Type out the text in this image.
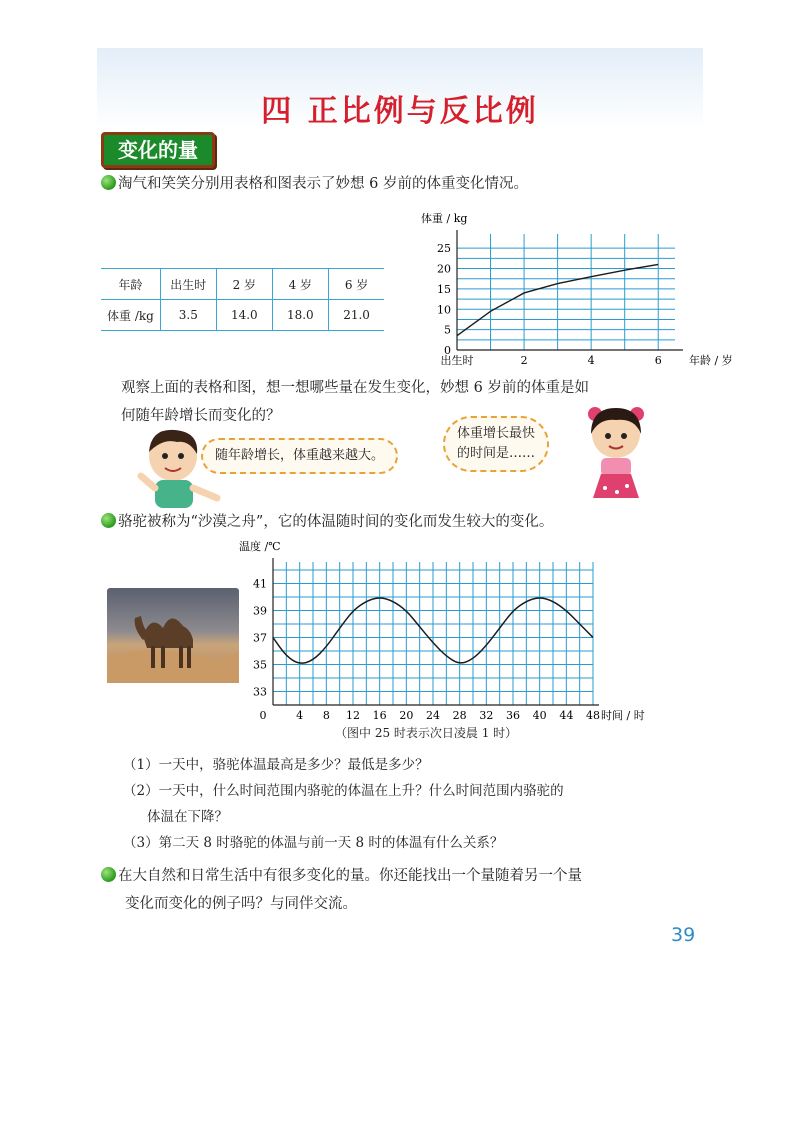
四 正比例与反比例
变化的量
淘气和笑笑分别用表格和图表示了妙想 6 岁前的体重变化情况。
年龄	出生时	2 岁	4 岁	6 岁
体重 /kg	3.5	14.0	18.0	21.0
0
5
10
15
20
25
出生时	2	4	6
体重 / kg
年龄 / 岁
观察上面的表格和图，想一想哪些量在发生变化，妙想 6 岁前的体重是如
何随年龄增长而变化的？
随年龄增长，体重越来越大。
体重增长最快
的时间是……
骆驼被称为“沙漠之舟”，它的体温随时间的变化而发生较大的变化。
33
35
37
39
41
0	4 8 12 16 20 24 28 32 36 40 44 48
温度 /℃
时间 / 时
（图中 25 时表示次日凌晨 1 时）
（1）一天中，骆驼体温最高是多少？最低是多少？
（2）一天中，什么时间范围内骆驼的体温在上升？什么时间范围内骆驼的
体温在下降？
（3）第二天 8 时骆驼的体温与前一天 8 时的体温有什么关系？
在大自然和日常生活中有很多变化的量。你还能找出一个量随着另一个量
变化而变化的例子吗？与同伴交流。
39
